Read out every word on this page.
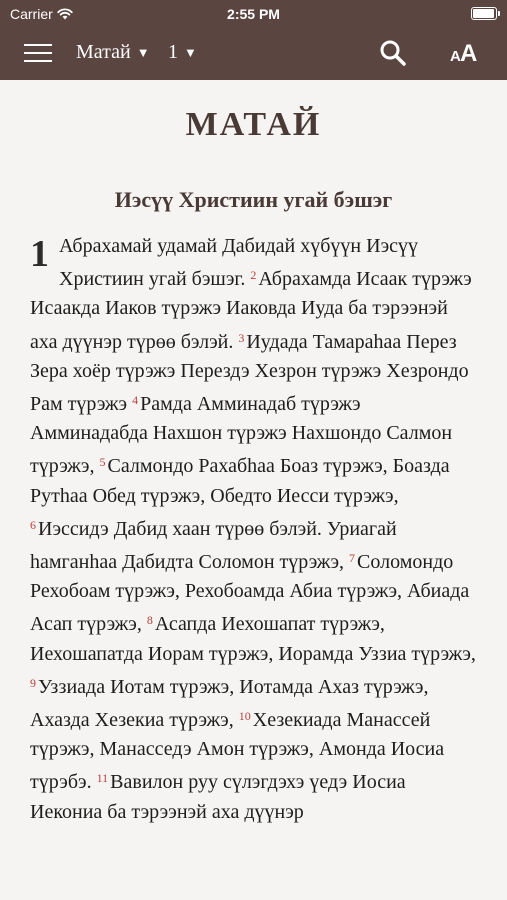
Carrier	2:55 PM
Матай ▼ 1 ▼	A A
МАТАЙ
Иэсүү Христиин угай бэшэг
1 Абрахамай удамай Дабидай хүбүүн Иэсүү Христиин угай бэшэг. $^2$ Абрахамда Исаак түрэжэ Исаакда Иаков түрэжэ Иаковда Иуда ба тэрээнэй аха дүүнэр түрөө бэлэй. $^3$ Иудада Тамараhаа Перез Зера хоёр түрэжэ Перездэ Хезрон түрэжэ Хезрондо Рам түрэжэ $^4$ Рамда Амминадаб түрэжэ Амминадабда Нахшон түрэжэ Нахшондо Салмон түрэжэ, $^5$ Салмондо Рахабhaa Боаз түрэжэ, Боазда Рутhaa Обед түрэжэ, Обедто Иесси түрэжэ, $^6$ Иэссидэ Дабид хаан түрөө бэлэй. Уриагай hамганhaa Дабидта Соломон түрэжэ, $^7$ Соломондо Рехобоам түрэжэ, Рехобоамда Абиа түрэжэ, Абиада Асап түрэжэ, $^8$ Асапда Иехошапат түрэжэ, Иехошапатда Иорам түрэжэ, Иорамда Уззиа түрэжэ, $^9$ Уззиада Иотам түрэжэ, Иотамда Ахаз түрэжэ, Ахазда Хезекиа түрэжэ, $^{10}$ Хезекиада Манассей түрэжэ, Манасседэ Амон түрэжэ, Амонда Иосиа түрэбэ. $^{11}$ Вавилон руу сүлэгдэхэ үедэ Иосиа Иекониа ба тэрээнэй аха дүүнэр
